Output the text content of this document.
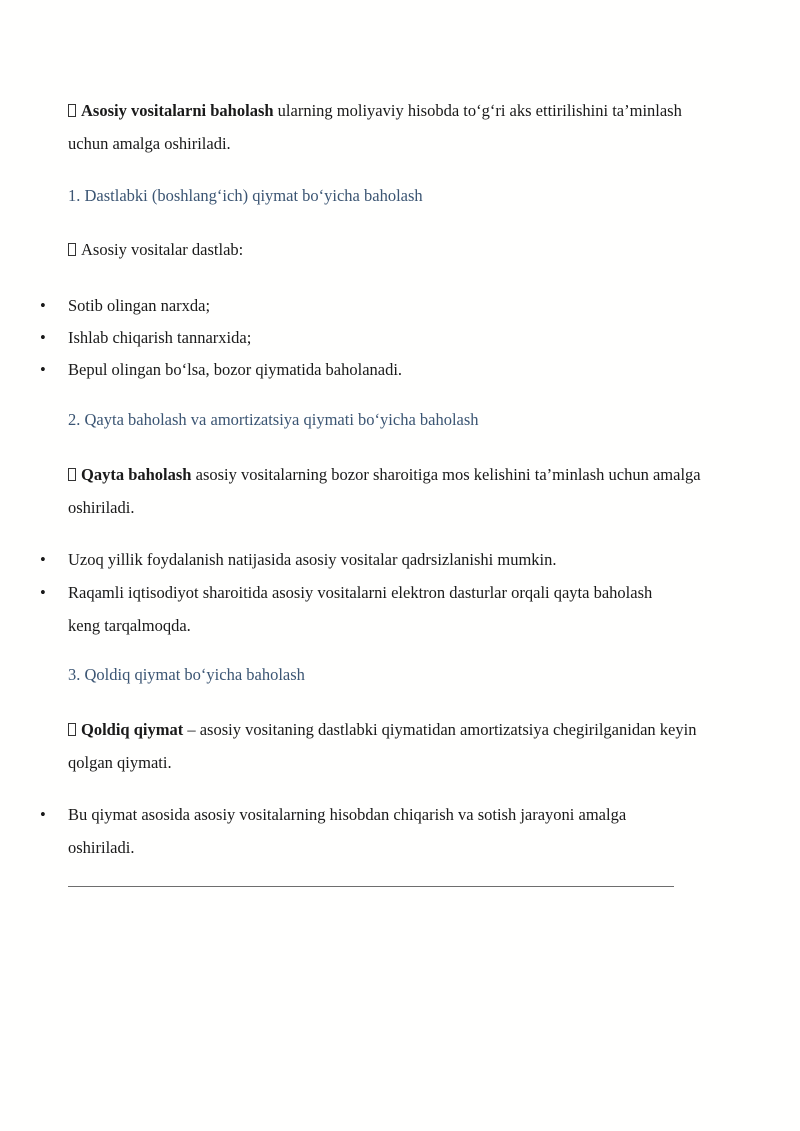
Asosiy vositalarni baholash ularning moliyaviy hisobda to‘g‘ri aks ettirilishini ta’minlash uchun amalga oshiriladi.
1. Dastlabki (boshlang‘ich) qiymat bo‘yicha baholash
Asosiy vositalar dastlab:
• Sotib olingan narxda;
• Ishlab chiqarish tannarxida;
• Bepul olingan bo‘lsa, bozor qiymatida baholanadi.
2. Qayta baholash va amortizatsiya qiymati bo‘yicha baholash
Qayta baholash asosiy vositalarning bozor sharoitiga mos kelishini ta’minlash uchun amalga oshiriladi.
• Uzoq yillik foydalanish natijasida asosiy vositalar qadrsizlanishi mumkin.
• Raqamli iqtisodiyot sharoitida asosiy vositalarni elektron dasturlar orqali qayta baholash keng tarqalmoqda.
3. Qoldiq qiymat bo‘yicha baholash
Qoldiq qiymat – asosiy vositaning dastlabki qiymatidan amortizatsiya chegirilganidan keyin qolgan qiymati.
• Bu qiymat asosida asosiy vositalarning hisobdan chiqarish va sotish jarayoni amalga oshiriladi.
